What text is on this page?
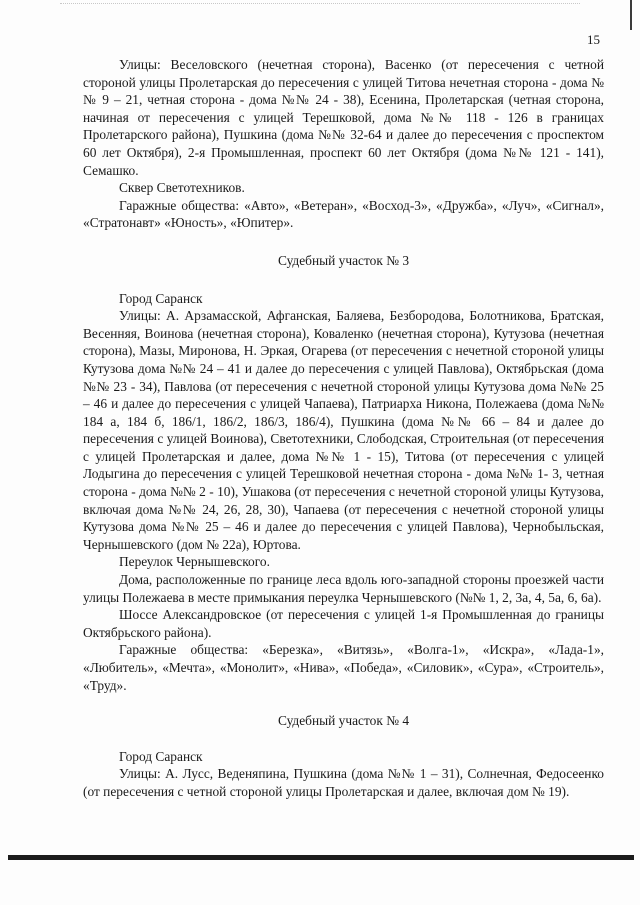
15

Улицы: Веселовского (нечетная сторона), Васенко (от пересечения с четной стороной улицы Пролетарская до пересечения с улицей Титова нечетная сторона - дома №№ 9 – 21, четная сторона - дома №№ 24 - 38), Есенина, Пролетарская (четная сторона, начиная от пересечения с улицей Терешковой, дома №№ 118 - 126 в границах Пролетарского района), Пушкина (дома №№ 32-64 и далее до пересечения с проспектом 60 лет Октября), 2-я Промышленная, проспект 60 лет Октября (дома №№ 121 - 141), Семашко.

Сквер Светотехников.

Гаражные общества: «Авто», «Ветеран», «Восход-3», «Дружба», «Луч», «Сигнал», «Стратонавт» «Юность», «Юпитер».

Судебный участок № 3

Город Саранск

Улицы: А. Арзамасской, Афганская, Баляева, Безбородова, Болотникова, Братская, Весенняя, Воинова (нечетная сторона), Коваленко (нечетная сторона), Кутузова (нечетная сторона), Мазы, Миронова, Н. Эркая, Огарева (от пересечения с нечетной стороной улицы Кутузова дома №№ 24 – 41 и далее до пересечения с улицей Павлова), Октябрьская (дома №№ 23 - 34), Павлова (от пересечения с нечетной стороной улицы Кутузова дома №№ 25 – 46 и далее до пересечения с улицей Чапаева), Патриарха Никона, Полежаева (дома №№ 184 а, 184 б, 186/1, 186/2, 186/3, 186/4), Пушкина (дома №№ 66 – 84 и далее до пересечения с улицей Воинова), Светотехники, Слободская, Строительная (от пересечения с улицей Пролетарская и далее, дома №№ 1 - 15), Титова (от пересечения с улицей Лодыгина до пересечения с улицей Терешковой нечетная сторона - дома №№ 1- 3, четная сторона - дома №№ 2 - 10), Ушакова (от пересечения с нечетной стороной улицы Кутузова, включая дома №№ 24, 26, 28, 30), Чапаева (от пересечения с нечетной стороной улицы Кутузова дома №№ 25 – 46 и далее до пересечения с улицей Павлова), Чернобыльская, Чернышевского (дом № 22а), Юртова.

Переулок Чернышевского.

Дома, расположенные по границе леса вдоль юго-западной стороны проезжей части улицы Полежаева в месте примыкания переулка Чернышевского (№№ 1, 2, 3а, 4, 5а, 6, 6а).

Шоссе Александровское (от пересечения с улицей 1-я Промышленная до границы Октябрьского района).

Гаражные общества: «Березка», «Витязь», «Волга-1», «Искра», «Лада-1», «Любитель», «Мечта», «Монолит», «Нива», «Победа», «Силовик», «Сура», «Строитель», «Труд».

Судебный участок № 4

Город Саранск

Улицы: А. Лусс, Веденяпина, Пушкина (дома №№ 1 – 31), Солнечная, Федосеенко (от пересечения с четной стороной улицы Пролетарская и далее, включая дом № 19).
